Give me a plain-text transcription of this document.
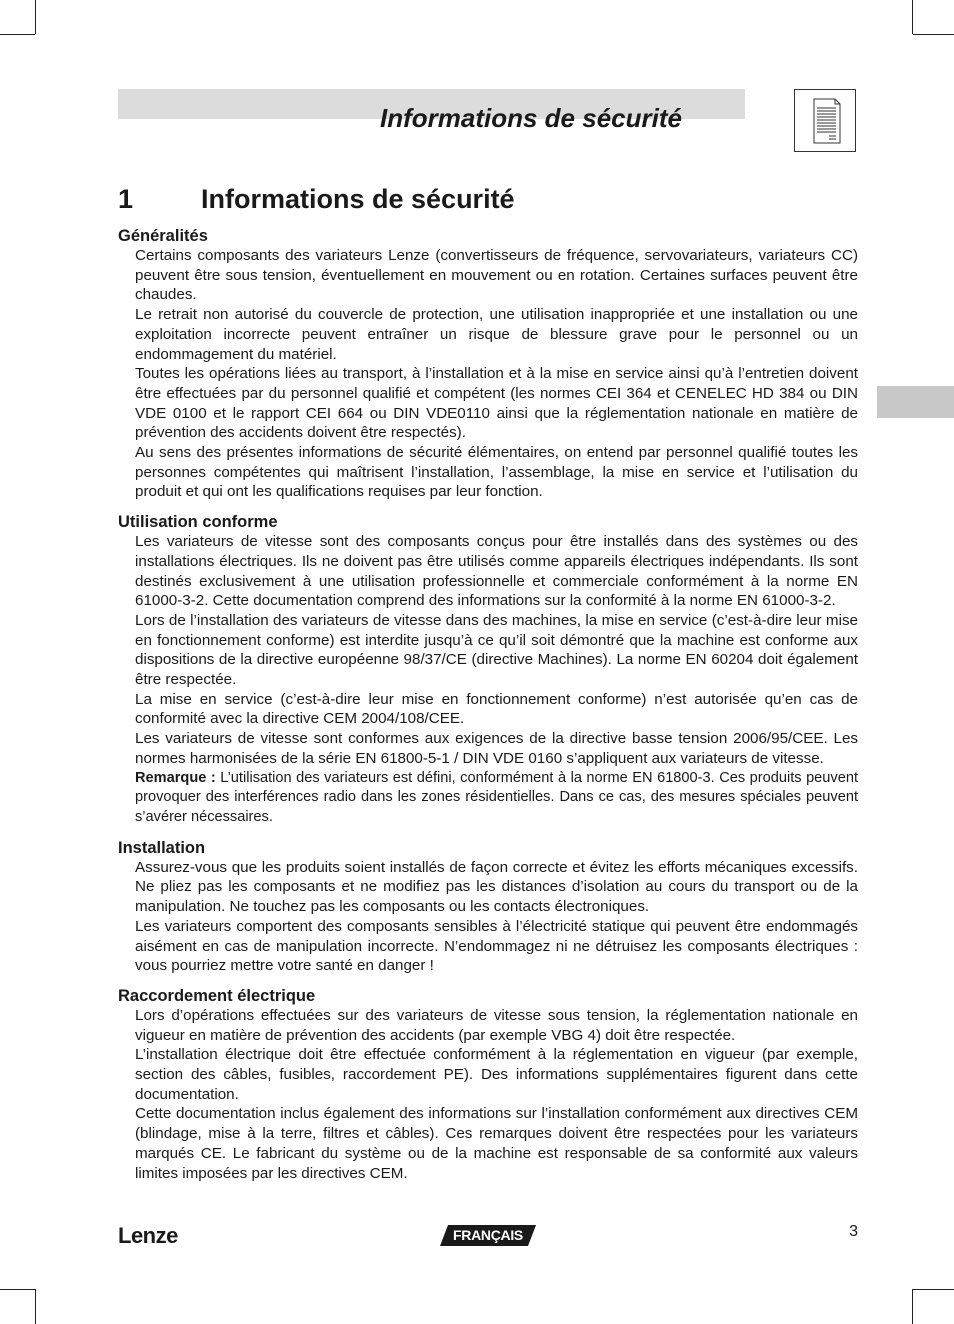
Informations de sécurité
1	Informations de sécurité
Généralités

Certains composants des variateurs Lenze (convertisseurs de fréquence, servovariateurs, variateurs CC) peuvent être sous tension, éventuellement en mouvement ou en rotation. Certaines surfaces peuvent être chaudes.

Le retrait non autorisé du couvercle de protection, une utilisation inappropriée et une installation ou une exploitation incorrecte peuvent entraîner un risque de blessure grave pour le personnel ou un endommagement du matériel.

Toutes les opérations liées au transport, à l’installation et à la mise en service ainsi qu’à l’entretien doivent être effectuées par du personnel qualifié et compétent (les normes CEI 364 et CENELEC HD 384 ou DIN VDE 0100 et le rapport CEI 664 ou DIN VDE0110 ainsi que la réglementation nationale en matière de prévention des accidents doivent être respectés).

Au sens des présentes informations de sécurité élémentaires, on entend par personnel qualifié toutes les personnes compétentes qui maîtrisent l’installation, l’assemblage, la mise en service et l’utilisation du produit et qui ont les qualifications requises par leur fonction.

Utilisation conforme

Les variateurs de vitesse sont des composants conçus pour être installés dans des systèmes ou des installations électriques. Ils ne doivent pas être utilisés comme appareils électriques indépendants. Ils sont destinés exclusivement à une utilisation professionnelle et commerciale conformément à la norme EN 61000-3-2. Cette documentation comprend des informations sur la conformité à la norme EN 61000-3-2.

Lors de l’installation des variateurs de vitesse dans des machines, la mise en service (c’est-à-dire leur mise en fonctionnement conforme) est interdite jusqu’à ce qu’il soit démontré que la machine est conforme aux dispositions de la directive européenne 98/37/CE (directive Machines). La norme EN 60204 doit également être respectée.

La mise en service (c’est-à-dire leur mise en fonctionnement conforme) n’est autorisée qu’en cas de conformité avec la directive CEM 2004/108/CEE.

Les variateurs de vitesse sont conformes aux exigences de la directive basse tension 2006/95/CEE. Les normes harmonisées de la série EN 61800-5-1 / DIN VDE 0160 s’appliquent aux variateurs de vitesse.

Remarque : L’utilisation des variateurs est défini, conformément à la norme EN 61800-3. Ces produits peuvent provoquer des interférences radio dans les zones résidentielles. Dans ce cas, des mesures spéciales peuvent s’avérer nécessaires.

Installation

Assurez-vous que les produits soient installés de façon correcte et évitez les efforts mécaniques excessifs. Ne pliez pas les composants et ne modifiez pas les distances d’isolation au cours du transport ou de la manipulation. Ne touchez pas les composants ou les contacts électroniques.

Les variateurs comportent des composants sensibles à l’électricité statique qui peuvent être endommagés aisément en cas de manipulation incorrecte. N’endommagez ni ne détruisez les composants électriques : vous pourriez mettre votre santé en danger !

Raccordement électrique

Lors d’opérations effectuées sur des variateurs de vitesse sous tension, la réglementation nationale en vigueur en matière de prévention des accidents (par exemple VBG 4) doit être respectée.

L’installation électrique doit être effectuée conformément à la réglementation en vigueur (par exemple, section des câbles, fusibles, raccordement PE). Des informations supplémentaires figurent dans cette documentation.

Cette documentation inclus également des informations sur l’installation conformément aux directives CEM (blindage, mise à la terre, filtres et câbles). Ces remarques doivent être respectées pour les variateurs marqués CE. Le fabricant du système ou de la machine est responsable de sa conformité aux valeurs limites imposées par les directives CEM.

Lenze	FRANÇAIS	3
